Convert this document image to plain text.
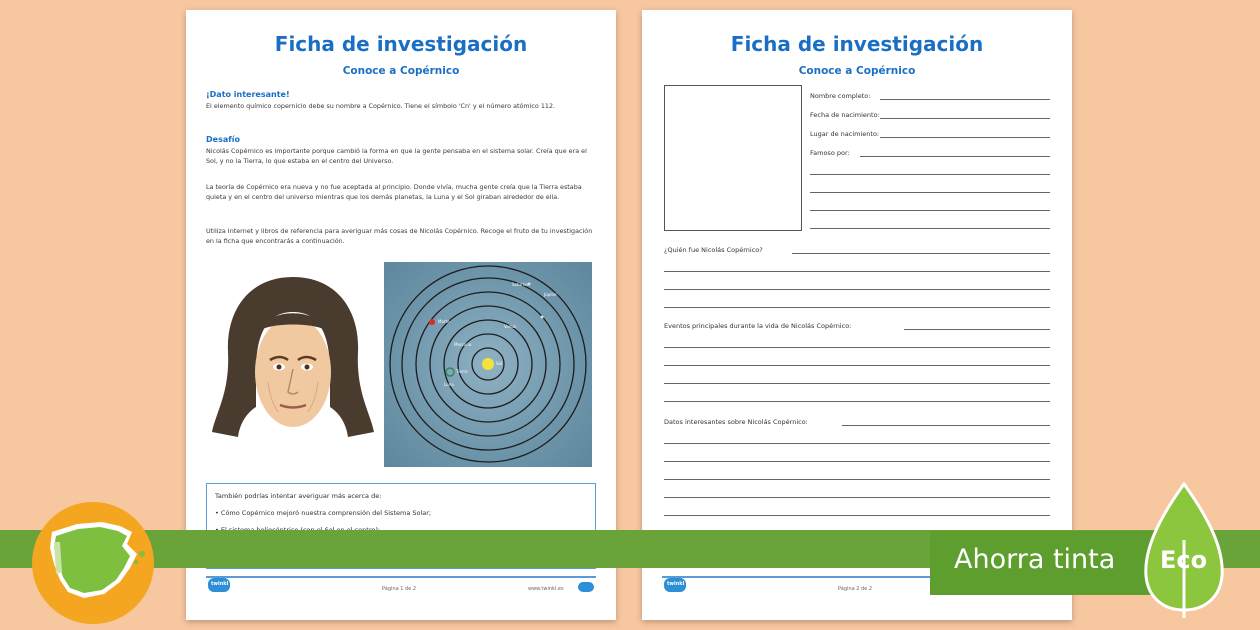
Ficha de investigación
Conoce a Copérnico
¡Dato interesante!
El elemento químico copernicio debe su nombre a Copérnico. Tiene el símbolo 'Cn' y el número atómico 112.
Desafío
Nicolás Copérnico es importante porque cambió la forma en que la gente pensaba en el sistema solar. Creía que era el Sol, y no la Tierra, lo que estaba en el centro del Universo.
La teoría de Copérnico era nueva y no fue aceptada al principio. Donde vivía, mucha gente creía que la Tierra estaba quieta y en el centro del universo mientras que los demás planetas, la Luna y el Sol giraban alrededor de ella.
Utiliza Internet y libros de referencia para averiguar más cosas de Nicolás Copérnico. Recoge el fruto de tu investigación en la ficha que encontrarás a continuación.
Saturno
Júpiter
Marte
Venus
Mercurio
Sol
Tierra
Luna
También podrías intentar averiguar más acerca de:
• Cómo Copérnico mejoró nuestra comprensión del Sistema Solar;
twinkl
Página 1 de 2	www.twinkl.es
Ficha de investigación
Conoce a Copérnico
Nombre completo:
Fecha de nacimiento:
Lugar de nacimiento:
Famoso por:
¿Quién fue Nicolás Copérnico?
Eventos principales durante la vida de Nicolás Copérnico:
Datos interesantes sobre Nicolás Copérnico:
twinkl
Página 2 de 2
Ahorra tinta Eco
